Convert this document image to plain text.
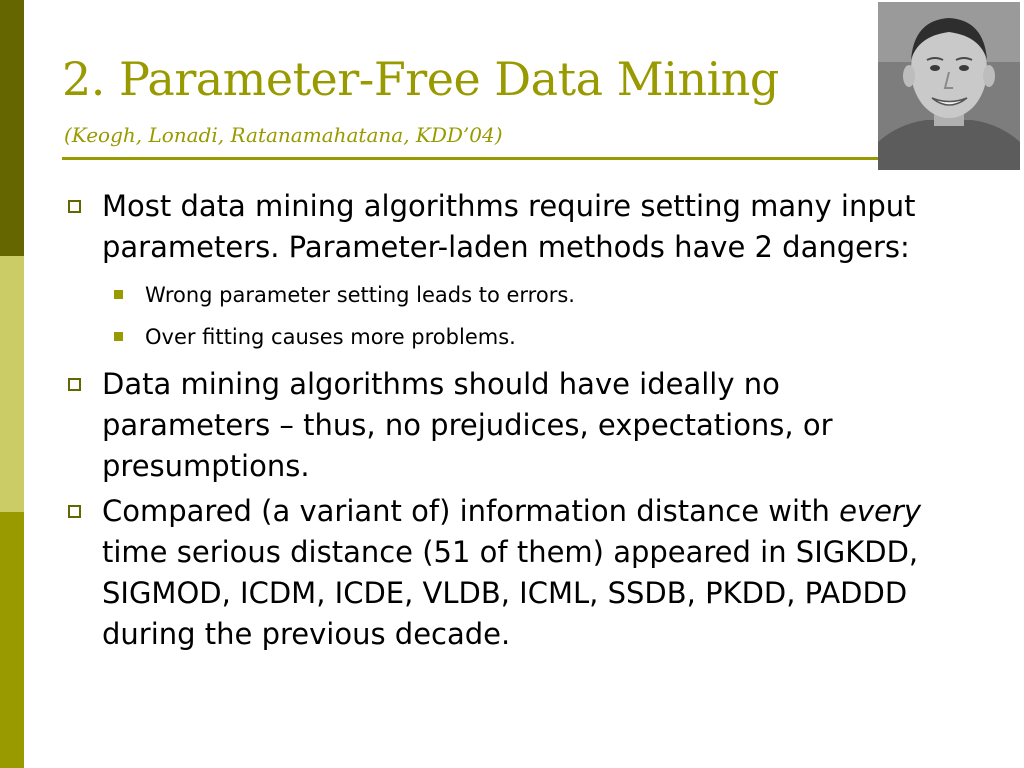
2. Parameter-Free Data Mining
(Keogh, Lonadi, Ratanamahatana, KDD’04)
Most data mining algorithms require setting many input parameters. Parameter-laden methods have 2 dangers:
Wrong parameter setting leads to errors.
Over fitting causes more problems.
Data mining algorithms should have ideally no parameters – thus, no prejudices, expectations, or presumptions.
Compared (a variant of) information distance with every time serious distance (51 of them) appeared in SIGKDD, SIGMOD, ICDM, ICDE, VLDB, ICML, SSDB, PKDD, PADDD during the previous decade.
